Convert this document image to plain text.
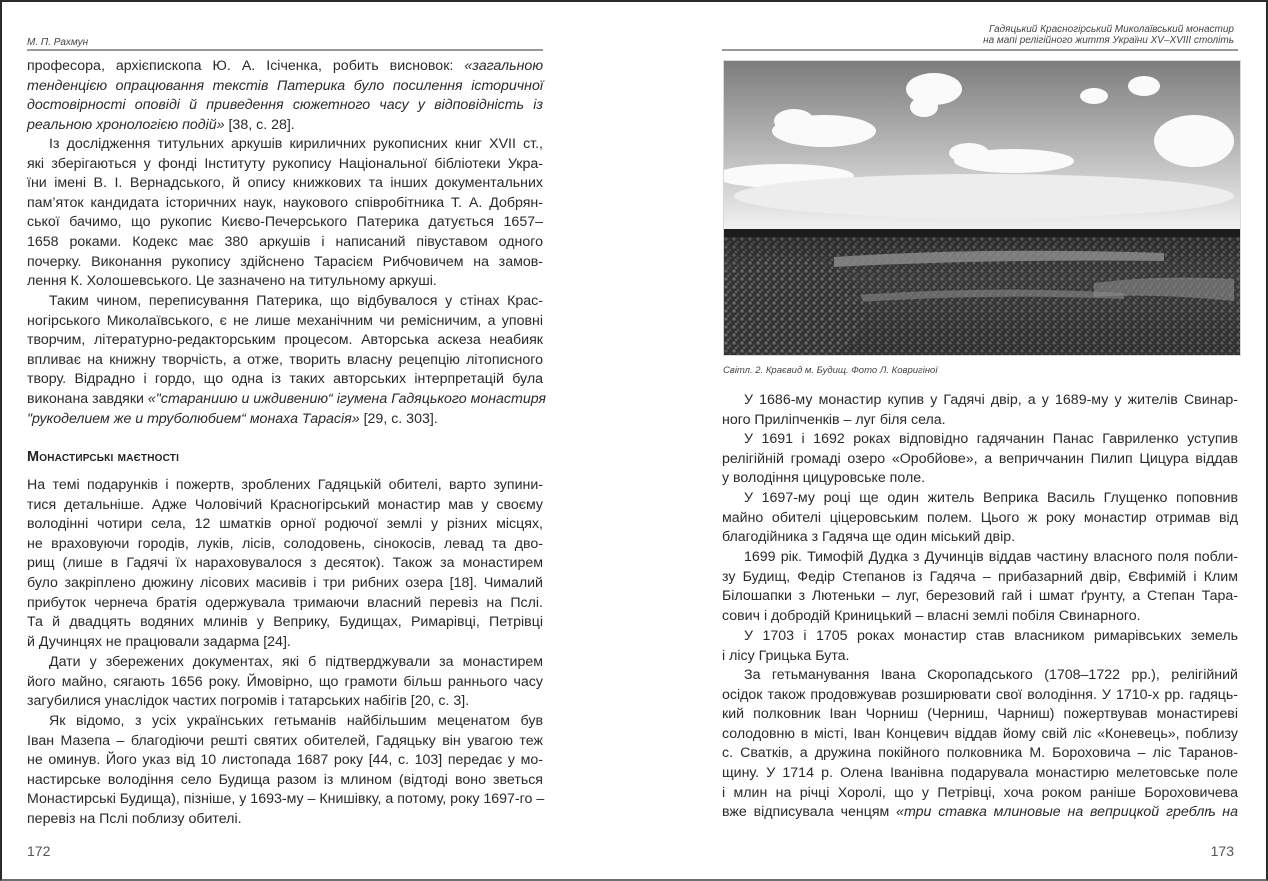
М. П. Рахмун
професора, архієпископа Ю. А. Ісіченка, робить висновок: «загальною
тенденцією опрацювання текстів Патерика було посилення історичної
достовірності оповіді й приведення сюжетного часу у відповідність із
реальною хронологією подій» [38, с. 28].
Із дослідження титульних аркушів кириличних рукописних книг XVII ст.,
які зберігаються у фонді Інституту рукопису Національної бібліотеки Укра-
їни імені В. І. Вернадського, й опису книжкових та інших документальних
пам’яток кандидата історичних наук, наукового співробітника Т. А. Добрян-
ської бачимо, що рукопис Києво-Печерського Патерика датується 1657–
1658 роками. Кодекс має 380 аркушів і написаний півуставом одного
почерку. Виконання рукопису здійснено Тарасієм Рибчовичем на замов-
лення К. Холошевського. Це зазначено на титульному аркуші.
Таким чином, переписування Патерика, що відбувалося у стінах Крас-
ногірського Миколаївського, є не лише механічним чи ремісничим, а уповні
творчим, літературно-редакторським процесом. Авторська аскеза неабияк
впливає на книжну творчість, а отже, творить власну рецепцію літописного
твору. Відрадно і гордо, що одна із таких авторських інтерпретацій була
виконана завдяки «"стараниию и иждивению“ ігумена Гадяцького монастиря
"рукоделием же и труболюбием“ монаха Тарасія» [29, с. 303].
Монастирські маєтності
На темі подарунків і пожертв, зроблених Гадяцькій обителі, варто зупини-
тися детальніше. Адже Чоловічий Красногірський монастир мав у своєму
володінні чотири села, 12 шматків орної родючої землі у різних місцях,
не враховуючи городів, луків, лісів, солодовень, сінокосів, левад та дво-
рищ (лише в Гадячі їх нараховувалося з десяток). Також за монастирем
було закріплено дюжину лісових масивів і три рибних озера [18]. Чималий
прибуток чернеча братія одержувала тримаючи власний перевіз на Пслі.
Та й двадцять водяних млинів у Веприку, Будищах, Римарівці, Петрівці
й Дучинцях не працювали задарма [24].
Дати у збережених документах, які б підтверджували за монастирем
його майно, сягають 1656 року. Ймовірно, що грамоти більш раннього часу
загубилися унаслідок частих погромів і татарських набігів [20, с. 3].
Як відомо, з усіх українських гетьманів найбільшим меценатом був
Іван Мазепа – благодіючи решті святих обителей, Гадяцьку він увагою теж
не оминув. Його указ від 10 листопада 1687 року [44, с. 103] передає у мо-
настирське володіння село Будища разом із млином (відтоді воно зветься
Монастирські Будища), пізніше, у 1693-му – Книшівку, а потому, року 1697-го –
перевіз на Пслі поблизу обителі.
172
Гадяцький Красногірський Миколаївський монастир
на мапі релігійного життя України XV–XVIII століть
Світл. 2. Краєвид м. Будищ. Фото Л. Ковригіної
У 1686-му монастир купив у Гадячі двір, а у 1689-му у жителів Свинар-
ного Приліпченків – луг біля села.
У 1691 і 1692 роках відповідно гадячанин Панас Гавриленко уступив
релігійній громаді озеро «Оробйове», а веприччанин Пилип Цицура віддав
у володіння цицуровське поле.
У 1697-му році ще один житель Веприка Василь Глущенко поповнив
майно обителі ціцеровським полем. Цього ж року монастир отримав від
благодійника з Гадяча ще один міський двір.
1699 рік. Тимофій Дудка з Дучинців віддав частину власного поля побли-
зу Будищ, Федір Степанов із Гадяча – прибазарний двір, Євфимій і Клим
Білошапки з Лютеньки – луг, березовий гай і шмат ґрунту, а Степан Тара-
сович і добродій Криницький – власні землі побіля Свинарного.
У 1703 і 1705 роках монастир став власником римарівських земель
і лісу Грицька Бута.
За гетьманування Івана Скоропадського (1708–1722 рр.), релігійний
осідок також продовжував розширювати свої володіння. У 1710-х рр. гадяць-
кий полковник Іван Чорниш (Черниш, Чарниш) пожертвував монастиреві
солодовню в місті, Іван Концевич віддав йому свій ліс «Коневець», поблизу
с. Сватків, а дружина покійного полковника М. Бороховича – ліс Таранов-
щину. У 1714 р. Олена Іванівна подарувала монастирю мелетовське поле
і млин на річці Хоролі, що у Петрівці, хоча роком раніше Бороховичева
вже відписувала ченцям «три ставка млиновые на веприцкой греблѣ на
173
